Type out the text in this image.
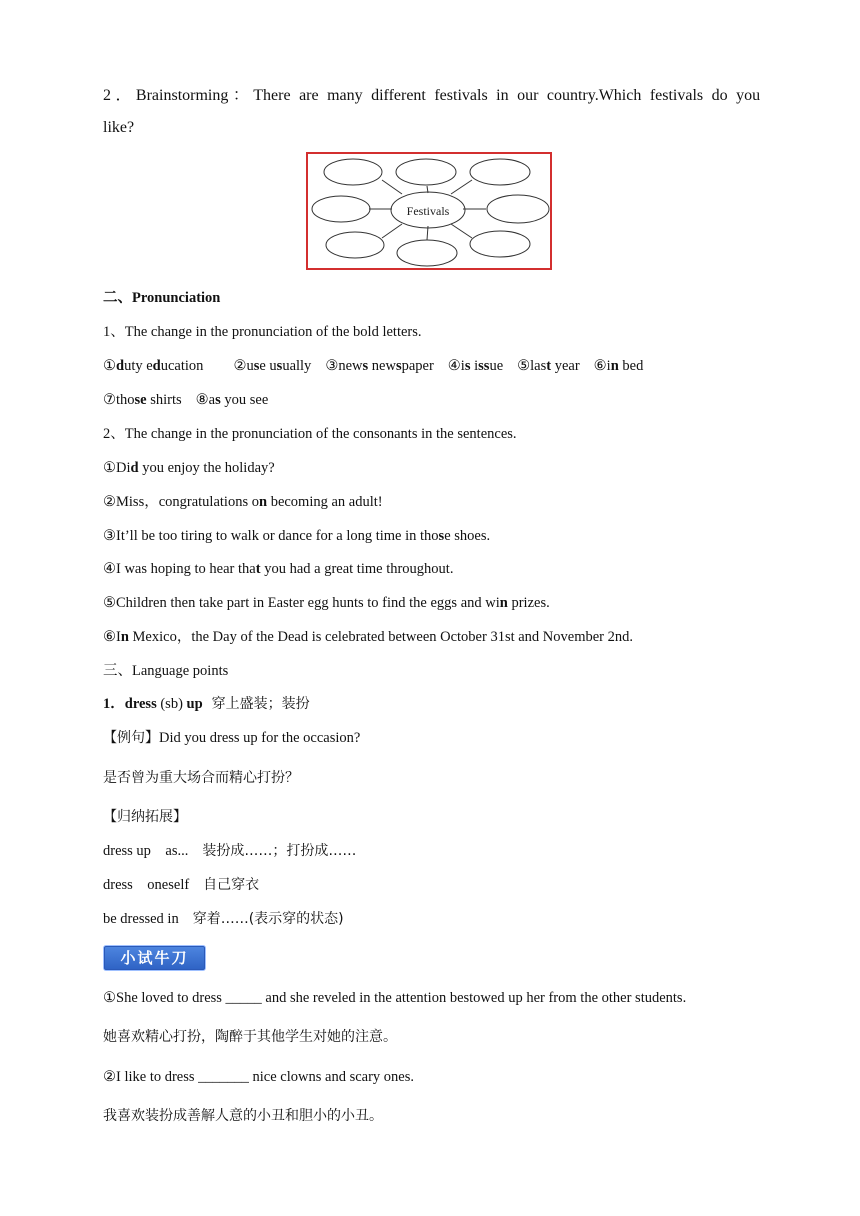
2．Brainstorming：There are many different festivals in our country.Which festivals do you
like?
Festivals
二、Pronunciation
1、The change in the pronunciation of the bold letters.
①duty education ②use usually ③news newspaper ④is issue ⑤last year ⑥in bed
⑦those shirts ⑧as you see
2、The change in the pronunciation of the consonants in the sentences.
①Did you enjoy the holiday?
②Miss，congratulations on becoming an adult!
③It’ll be too tiring to walk or dance for a long time in those shoes.
④I was hoping to hear that you had a great time throughout.
⑤Children then take part in Easter egg hunts to find the eggs and win prizes.
⑥In Mexico，the Day of the Dead is celebrated between October 31st and November 2nd.
三、Language points
1．dress (sb) up 穿上盛装；装扮
【例句】Did you dress up for the occasion?
是否曾为重大场合而精心打扮？
【归纳拓展】
dress up    as... 装扮成……；打扮成……
dress    oneself 自己穿衣
be dressed in 穿着……(表示穿的状态)
小试牛刀
①She loved to dress _____ and she reveled in the attention bestowed up her from the other students.
她喜欢精心打扮，陶醉于其他学生对她的注意。
②I like to dress _______ nice clowns and scary ones.
我喜欢装扮成善解人意的小丑和胆小的小丑。
